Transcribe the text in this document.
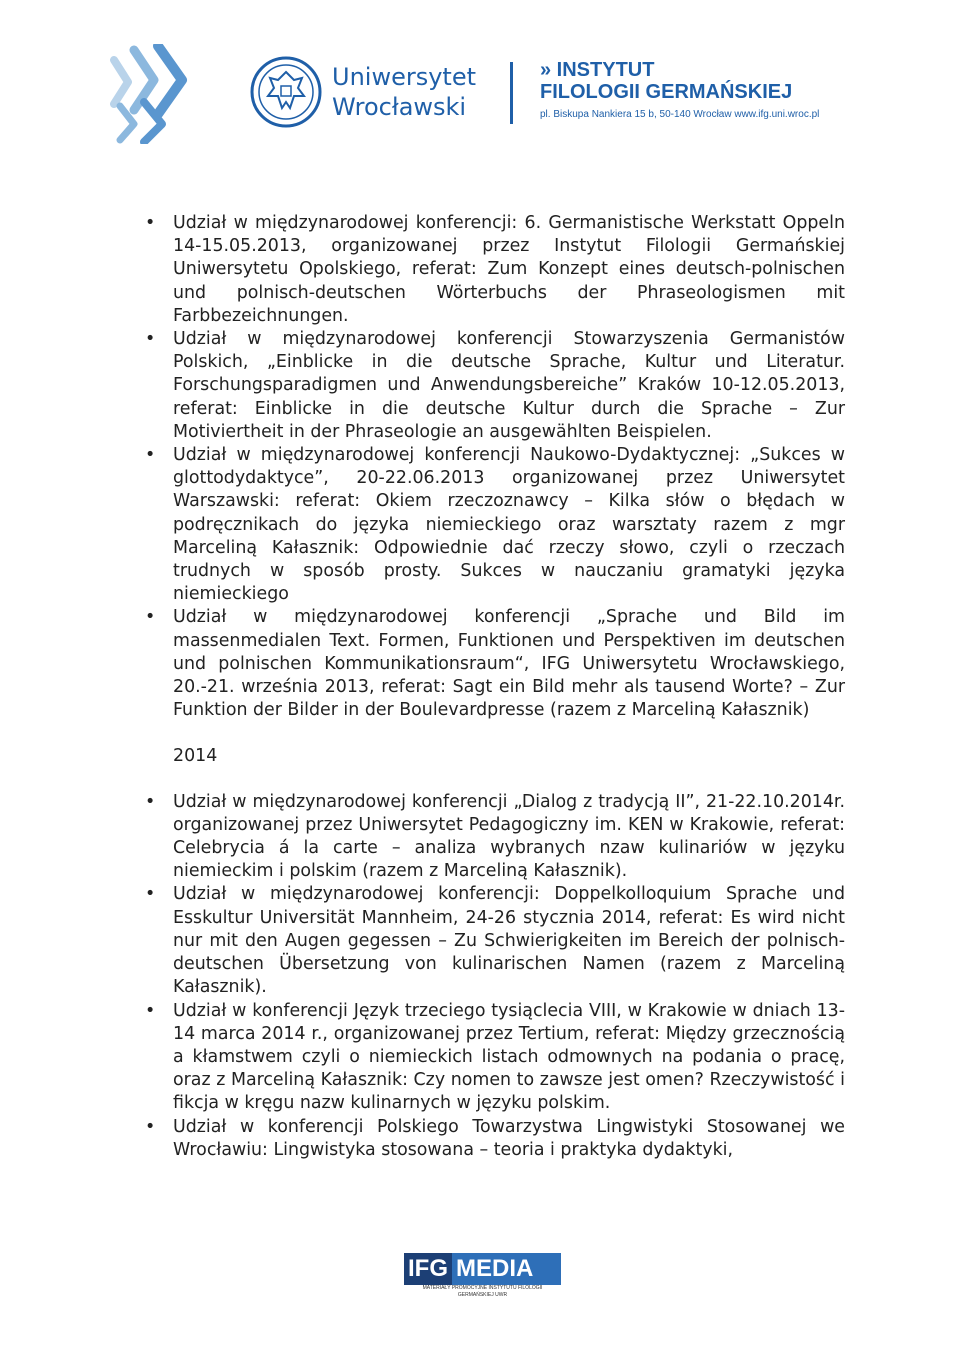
Uniwersytet
Wrocławski
» INSTYTUT
FILOLOGII GERMAŃSKIEJ
pl. Biskupa Nankiera 15 b, 50-140 Wrocław www.ifg.uni.wroc.pl
• Udział w międzynarodowej konferencji: 6. Germanistische Werkstatt Oppeln 14-15.05.2013, organizowanej przez Instytut Filologii Germańskiej Uniwersytetu Opolskiego, referat: Zum Konzept eines deutsch-polnischen und polnisch-deutschen Wörterbuchs der Phraseologismen mit Farbbezeichnungen.
• Udział w międzynarodowej konferencji Stowarzyszenia Germanistów Polskich, „Einblicke in die deutsche Sprache, Kultur und Literatur. Forschungsparadigmen und Anwendungsbereiche” Kraków 10-12.05.2013, referat: Einblicke in die deutsche Kultur durch die Sprache – Zur Motiviertheit in der Phraseologie an ausgewählten Beispielen.
• Udział w międzynarodowej konferencji Naukowo-Dydaktycznej: „Sukces w glottodydaktyce”, 20-22.06.2013 organizowanej przez Uniwersytet Warszawski: referat: Okiem rzeczoznawcy – Kilka słów o błędach w podręcznikach do języka niemieckiego oraz warsztaty razem z mgr Marceliną Kałasznik: Odpowiednie dać rzeczy słowo, czyli o rzeczach trudnych w sposób prosty. Sukces w nauczaniu gramatyki języka niemieckiego
• Udział w międzynarodowej konferencji „Sprache und Bild im massenmedialen Text. Formen, Funktionen und Perspektiven im deutschen und polnischen Kommunikationsraum“, IFG Uniwersytetu Wrocławskiego, 20.-21. września 2013, referat: Sagt ein Bild mehr als tausend Worte? – Zur Funktion der Bilder in der Boulevardpresse (razem z Marceliną Kałasznik)
2014
• Udział w międzynarodowej konferencji „Dialog z tradycją II”, 21-22.10.2014r. organizowanej przez Uniwersytet Pedagogiczny im. KEN w Krakowie, referat: Celebrycia á la carte – analiza wybranych nzaw kulinariów w języku niemieckim i polskim (razem z Marceliną Kałasznik).
• Udział w międzynarodowej konferencji: Doppelkolloquium Sprache und Esskultur Universität Mannheim, 24-26 stycznia 2014, referat: Es wird nicht nur mit den Augen gegessen – Zu Schwierigkeiten im Bereich der polnisch-deutschen Übersetzung von kulinarischen Namen (razem z Marceliną Kałasznik).
• Udział w konferencji Język trzeciego tysiąclecia VIII, w Krakowie w dniach 13-14 marca 2014 r., organizowanej przez Tertium, referat: Między grzecznością a kłamstwem czyli o niemieckich listach odmownych na podania o pracę, oraz z Marceliną Kałasznik: Czy nomen to zawsze jest omen? Rzeczywistość i fikcja w kręgu nazw kulinarnych w języku polskim.
• Udział w konferencji Polskiego Towarzystwa Lingwistyki Stosowanej we Wrocławiu: Lingwistyka stosowana – teoria i praktyka dydaktyki,
IFG MEDIA
MATERIAŁY PROMOCYJNE INSTYTUTU FILOLOGII GERMAŃSKIEJ UWR
